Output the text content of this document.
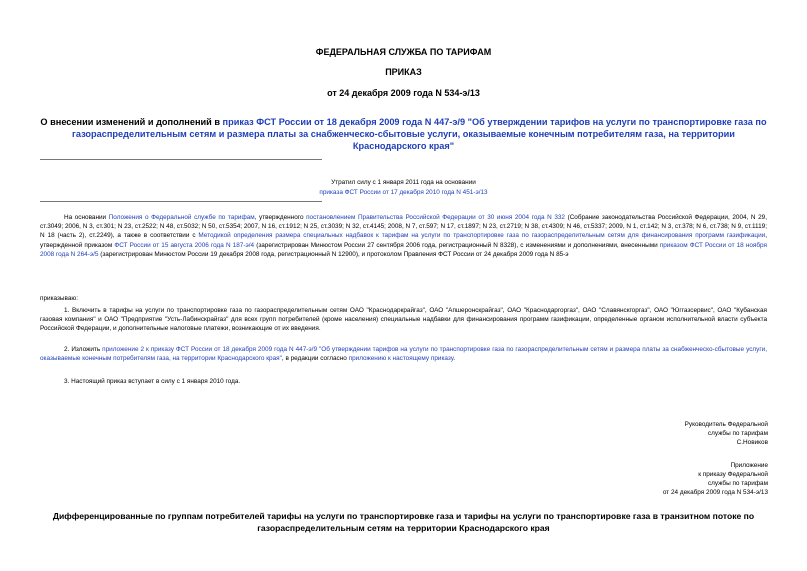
ФЕДЕРАЛЬНАЯ СЛУЖБА ПО ТАРИФАМ
ПРИКАЗ
от 24 декабря 2009 года N 534-э/13
О внесении изменений и дополнений в приказ ФСТ России от 18 декабря 2009 года N 447-э/9 "Об утверждении тарифов на услуги по транспортировке газа по газораспределительным сетям и размера платы за снабженческо-сбытовые услуги, оказываемые конечным потребителям газа, на территории Краснодарского края"
Утратил силу с 1 января 2011 года на основании
приказа ФСТ России от 17 декабря 2010 года N 451-э/13
На основании Положения о Федеральной службе по тарифам, утвержденного постановлением Правительства Российской Федерации от 30 июня 2004 года N 332 (Собрание законодательства Российской Федерации, 2004, N 29, ст.3049; 2006, N 3, ст.301; N 23, ст.2522; N 48, ст.5032; N 50, ст.5354; 2007, N 16, ст.1912; N 25, ст.3039; N 32, ст.4145; 2008, N 7, ст.597; N 17, ст.1897; N 23, ст.2719; N 38, ст.4309; N 46, ст.5337; 2009, N 1, ст.142; N 3, ст.378; N 6, ст.738; N 9, ст.1119; N 18 (часть 2), ст.2249), а также в соответствии с Методикой определения размера специальных надбавок к тарифам на услуги по транспортировке газа по газораспределительным сетям для финансирования программ газификации, утвержденной приказом ФСТ России от 15 августа 2006 года N 187-э/4 (зарегистрирован Минюстом России 27 сентября 2006 года, регистрационный N 8328), с изменениями и дополнениями, внесенными приказом ФСТ России от 18 ноября 2008 года N 264-э/5 (зарегистрирован Минюстом России 19 декабря 2008 года, регистрационный N 12900), и протоколом Правления ФСТ России от 24 декабря 2009 года N 85-э
приказываю:
1. Включить в тарифы на услуги по транспортировке газа по газораспределительным сетям ОАО "Краснодаркрайгаз", ОАО "Апшеронскрайгаз", ОАО "Краснодаргоргаз", ОАО "Славянскгоргаз", ОАО "Юггазсервис", ОАО "Кубанская газовая компания" и ОАО "Предприятие "Усть-Лабинскрайгаз" для всех групп потребителей (кроме населения) специальные надбавки для финансирования программ газификации, определенные органом исполнительной власти субъекта Российской Федерации, и дополнительные налоговые платежи, возникающие от их введения.
2. Изложить приложение 2 к приказу ФСТ России от 18 декабря 2009 года N 447-э/9 "Об утверждении тарифов на услуги по транспортировке газа по газораспределительным сетям и размера платы за снабженческо-сбытовые услуги, оказываемые конечным потребителям газа, на территории Краснодарского края", в редакции согласно приложению к настоящему приказу.
3. Настоящий приказ вступает в силу с 1 января 2010 года.
Руководитель Федеральной
службы по тарифам
С.Новиков
Приложение
к приказу Федеральной
службы по тарифам
от 24 декабря 2009 года N 534-э/13
Дифференцированные по группам потребителей тарифы на услуги по транспортировке газа и тарифы на услуги по транспортировке газа в транзитном потоке по газораспределительным сетям на территории Краснодарского края
